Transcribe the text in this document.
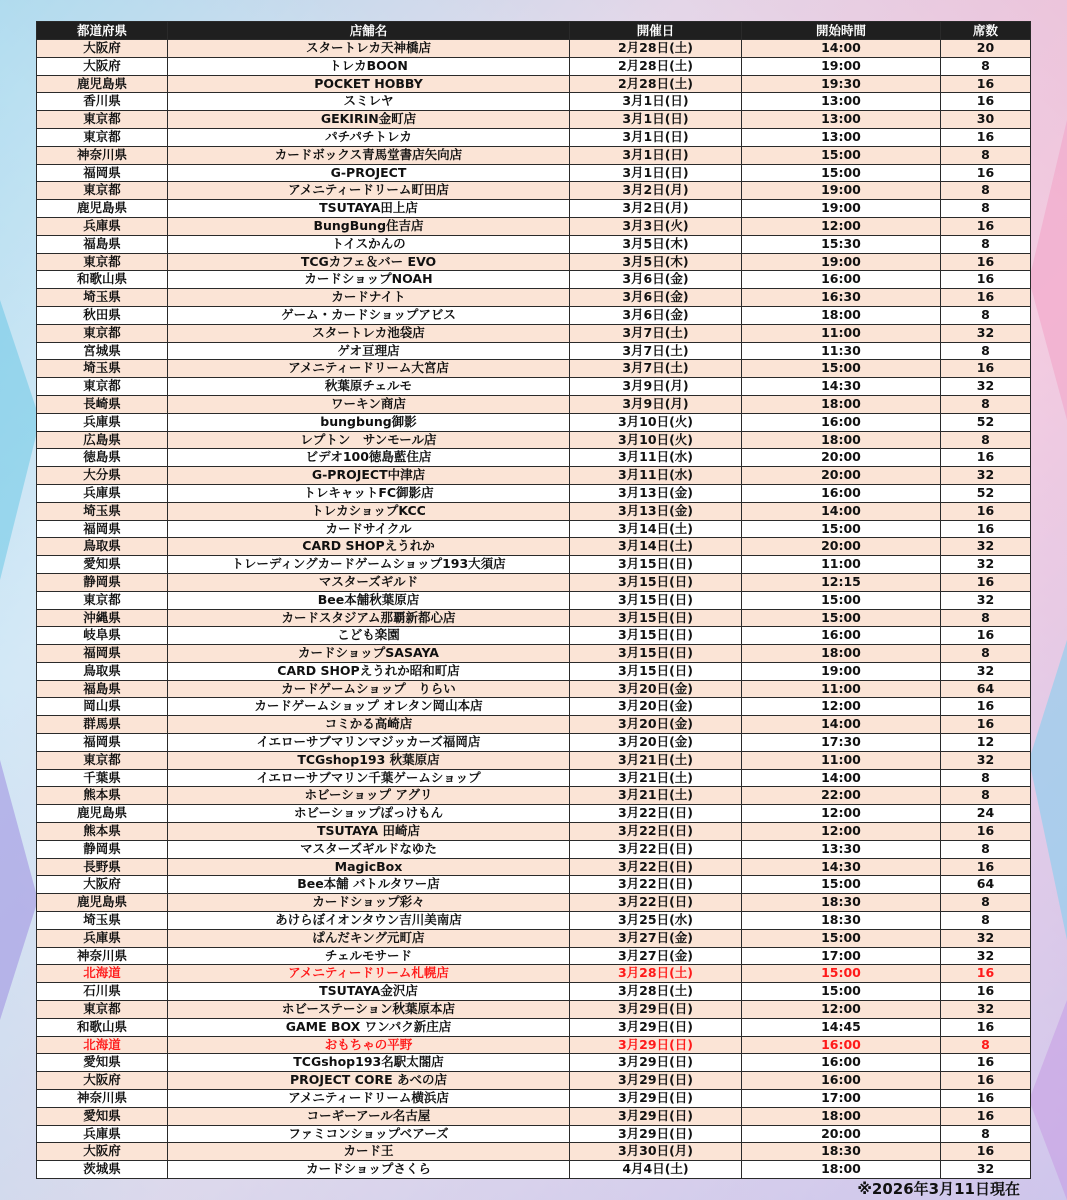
都道府県	店舗名	開催日	開始時間	席数
大阪府	スタートレカ天神橋店	2月28日(土)	14:00	20
大阪府	トレカBOON	2月28日(土)	19:00	8
鹿児島県	POCKET HOBBY	2月28日(土)	19:30	16
香川県	スミレヤ	3月1日(日)	13:00	16
東京都	GEKIRIN金町店	3月1日(日)	13:00	30
東京都	パチパチトレカ	3月1日(日)	13:00	16
神奈川県	カードボックス青馬堂書店矢向店	3月1日(日)	15:00	8
福岡県	G-PROJECT	3月1日(日)	15:00	16
東京都	アメニティードリーム町田店	3月2日(月)	19:00	8
鹿児島県	TSUTAYA田上店	3月2日(月)	19:00	8
兵庫県	BungBung住吉店	3月3日(火)	12:00	16
福島県	トイスかんの	3月5日(木)	15:30	8
東京都	TCGカフェ＆バー EVO	3月5日(木)	19:00	16
和歌山県	カードショップNOAH	3月6日(金)	16:00	16
埼玉県	カードナイト	3月6日(金)	16:30	16
秋田県	ゲーム・カードショップアビス	3月6日(金)	18:00	8
東京都	スタートレカ池袋店	3月7日(土)	11:00	32
宮城県	ゲオ亘理店	3月7日(土)	11:30	8
埼玉県	アメニティードリーム大宮店	3月7日(土)	15:00	16
東京都	秋葉原チェルモ	3月9日(月)	14:30	32
長崎県	ワーキン商店	3月9日(月)	18:00	8
兵庫県	bungbung御影	3月10日(火)	16:00	52
広島県	レプトン　サンモール店	3月10日(火)	18:00	8
徳島県	ビデオ100徳島藍住店	3月11日(水)	20:00	16
大分県	G-PROJECT中津店	3月11日(水)	20:00	32
兵庫県	トレキャットFC御影店	3月13日(金)	16:00	52
埼玉県	トレカショップKCC	3月13日(金)	14:00	16
福岡県	カードサイクル	3月14日(土)	15:00	16
鳥取県	CARD SHOPえうれか	3月14日(土)	20:00	32
愛知県	トレーディングカードゲームショップ193大須店	3月15日(日)	11:00	32
静岡県	マスターズギルド	3月15日(日)	12:15	16
東京都	Bee本舗秋葉原店	3月15日(日)	15:00	32
沖縄県	カードスタジアム那覇新都心店	3月15日(日)	15:00	8
岐阜県	こども楽園	3月15日(日)	16:00	16
福岡県	カードショップSASAYA	3月15日(日)	18:00	8
鳥取県	CARD SHOPえうれか昭和町店	3月15日(日)	19:00	32
福島県	カードゲームショップ　りらい	3月20日(金)	11:00	64
岡山県	カードゲームショップ オレタン岡山本店	3月20日(金)	12:00	16
群馬県	コミかる高崎店	3月20日(金)	14:00	16
福岡県	イエローサブマリンマジッカーズ福岡店	3月20日(金)	17:30	12
東京都	TCGshop193 秋葉原店	3月21日(土)	11:00	32
千葉県	イエローサブマリン千葉ゲームショップ	3月21日(土)	14:00	8
熊本県	ホビーショップ アグリ	3月21日(土)	22:00	8
鹿児島県	ホビーショップぽっけもん	3月22日(日)	12:00	24
熊本県	TSUTAYA 田崎店	3月22日(日)	12:00	16
静岡県	マスターズギルドなゆた	3月22日(日)	13:30	8
長野県	MagicBox	3月22日(日)	14:30	16
大阪府	Bee本舗 バトルタワー店	3月22日(日)	15:00	64
鹿児島県	カードショップ彩々	3月22日(日)	18:30	8
埼玉県	あけらぼイオンタウン吉川美南店	3月25日(水)	18:30	8
兵庫県	ぱんだキング元町店	3月27日(金)	15:00	32
神奈川県	チェルモサード	3月27日(金)	17:00	32
北海道	アメニティードリーム札幌店	3月28日(土)	15:00	16
石川県	TSUTAYA金沢店	3月28日(土)	15:00	16
東京都	ホビーステーション秋葉原本店	3月29日(日)	12:00	32
和歌山県	GAME BOX ワンパク新庄店	3月29日(日)	14:45	16
北海道	おもちゃの平野	3月29日(日)	16:00	8
愛知県	TCGshop193名駅太閤店	3月29日(日)	16:00	16
大阪府	PROJECT CORE あべの店	3月29日(日)	16:00	16
神奈川県	アメニティードリーム横浜店	3月29日(日)	17:00	16
愛知県	コーギーアール名古屋	3月29日(日)	18:00	16
兵庫県	ファミコンショップベアーズ	3月29日(日)	20:00	8
大阪府	カード王	3月30日(月)	18:30	16
茨城県	カードショップさくら	4月4日(土)	18:00	32
※2026年3月11日現在
